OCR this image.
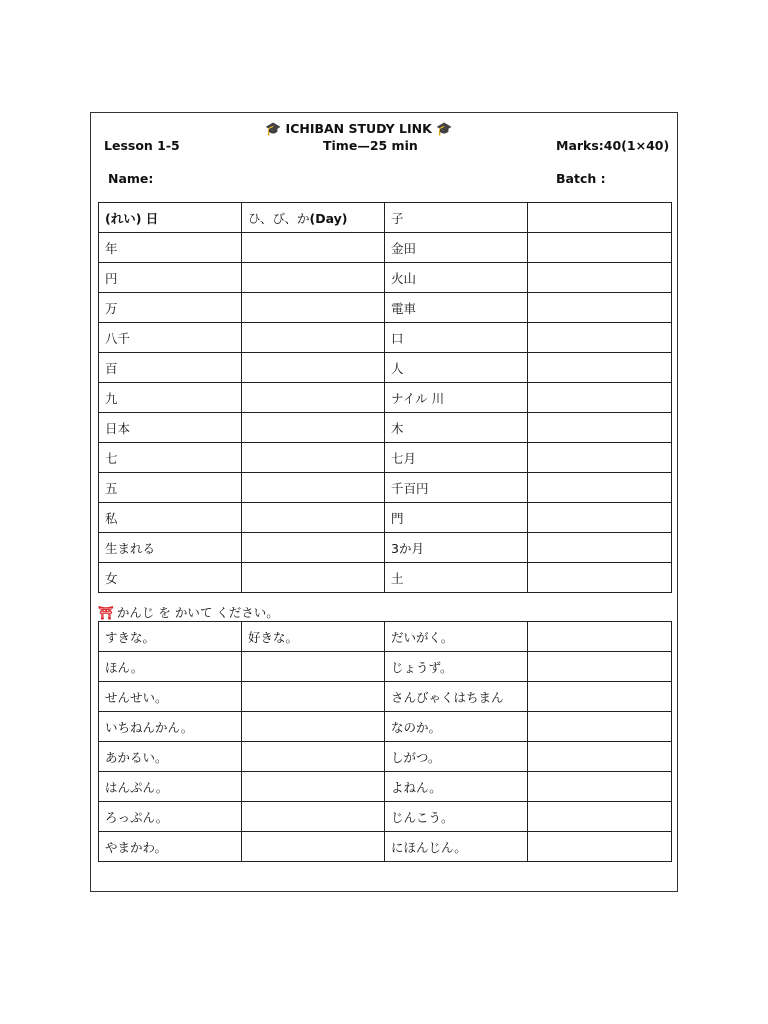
🎓 ICHIBAN STUDY LINK 🎓
Lesson 1-5	Time—25 min	Marks:40(1×40)
Name:	Batch :
(れい) 日	ひ、び、か(Day)	子	
年		金田	
円		火山	
万		電車	
八千		口	
百		人	
九		ナイル 川	
日本		木	
七		七月	
五		千百円	
私		門	
生まれる		3か月	
女		土	
⛩ かんじ を かいて ください。
すきな。	好きな。	だいがく。	
ほん。		じょうず。	
せんせい。		さんびゃくはちまん	
いちねんかん。		なのか。	
あかるい。		しがつ。	
はんぷん。		よねん。	
ろっぷん。		じんこう。	
やまかわ。		にほんじん。	
